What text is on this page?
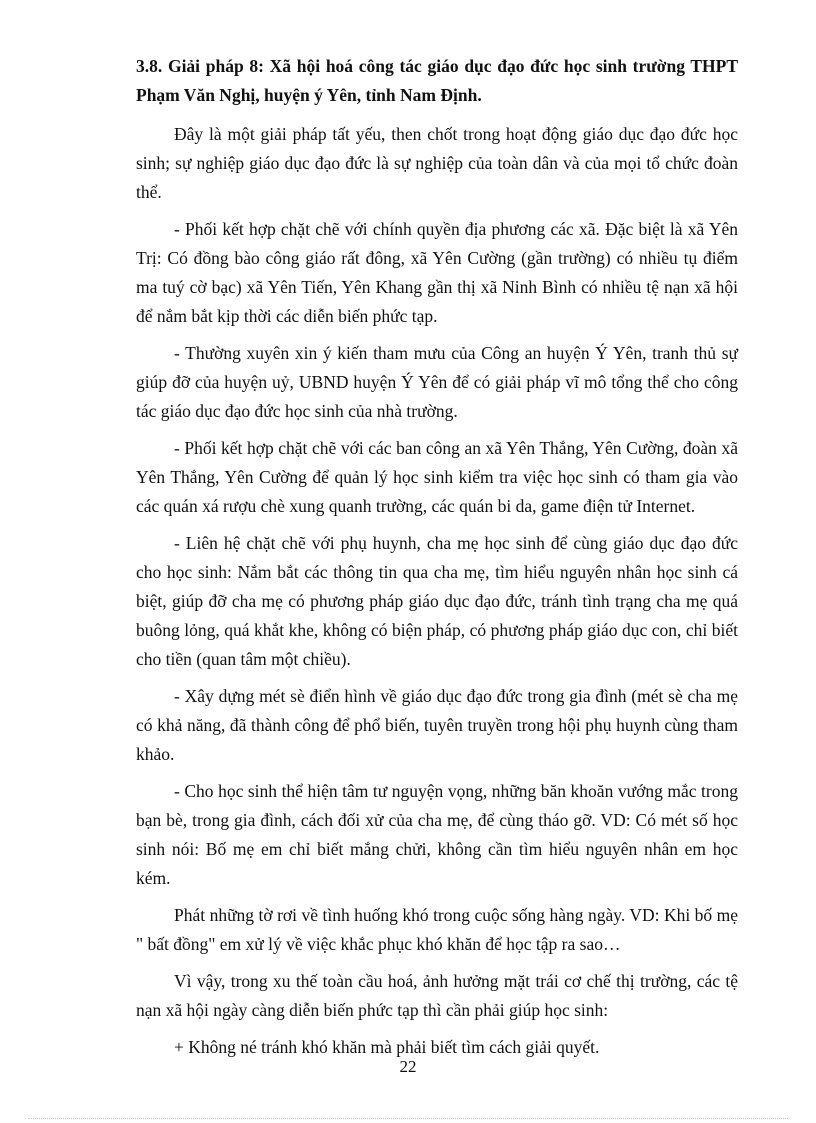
3.8. Giải pháp 8: Xã hội hoá công tác giáo dục đạo đức học sinh trường THPT Phạm Văn Nghị, huyện ý Yên, tỉnh Nam Định.

Đây là một giải pháp tất yếu, then chốt trong hoạt động giáo dục đạo đức học sinh; sự nghiệp giáo dục đạo đức là sự nghiệp của toàn dân và của mọi tổ chức đoàn thể.

- Phối kết hợp chặt chẽ với chính quyền địa phương các xã. Đặc biệt là xã Yên Trị: Có đồng bào công giáo rất đông, xã Yên Cường (gần trường) có nhiều tụ điểm ma tuý cờ bạc) xã Yên Tiến, Yên Khang gần thị xã Ninh Bình có nhiều tệ nạn xã hội để nắm bắt kịp thời các diễn biến phức tạp.

- Thường xuyên xin ý kiến tham mưu của Công an huyện Ý Yên, tranh thủ sự giúp đỡ của huyện uỷ, UBND huyện Ý Yên để có giải pháp vĩ mô tổng thể cho công tác giáo dục đạo đức học sinh của nhà trường.

- Phối kết hợp chặt chẽ với các ban công an xã Yên Thắng, Yên Cường, đoàn xã Yên Thắng, Yên Cường để quản lý học sinh kiểm tra việc học sinh có tham gia vào các quán xá rượu chè xung quanh trường, các quán bi da, game điện tử Internet.

- Liên hệ chặt chẽ với phụ huynh, cha mẹ học sinh để cùng giáo dục đạo đức cho học sinh: Nắm bắt các thông tin qua cha mẹ, tìm hiểu nguyên nhân học sinh cá biệt, giúp đỡ cha mẹ có phương pháp giáo dục đạo đức, tránh tình trạng cha mẹ quá buông lỏng, quá khắt khe, không có biện pháp, có phương pháp giáo dục con, chỉ biết cho tiền (quan tâm một chiều).

- Xây dựng mét sè điển hình về giáo dục đạo đức trong gia đình (mét sè cha mẹ có khả năng, đã thành công để phổ biến, tuyên truyền trong hội phụ huynh cùng tham khảo.

- Cho học sinh thể hiện tâm tư nguyện vọng, những băn khoăn vướng mắc trong bạn bè, trong gia đình, cách đối xử của cha mẹ, để cùng tháo gỡ. VD: Có mét số học sinh nói: Bố mẹ em chỉ biết mắng chửi, không cần tìm hiểu nguyên nhân em học kém.

Phát những tờ rơi về tình huống khó trong cuộc sống hàng ngày. VD: Khi bố mẹ " bất đồng" em xử lý về việc khắc phục khó khăn để học tập ra sao…

Vì vậy, trong xu thế toàn cầu hoá, ảnh hưởng mặt trái cơ chế thị trường, các tệ nạn xã hội ngày càng diễn biến phức tạp thì cần phải giúp học sinh:

+ Không né tránh khó khăn mà phải biết tìm cách giải quyết.

22
